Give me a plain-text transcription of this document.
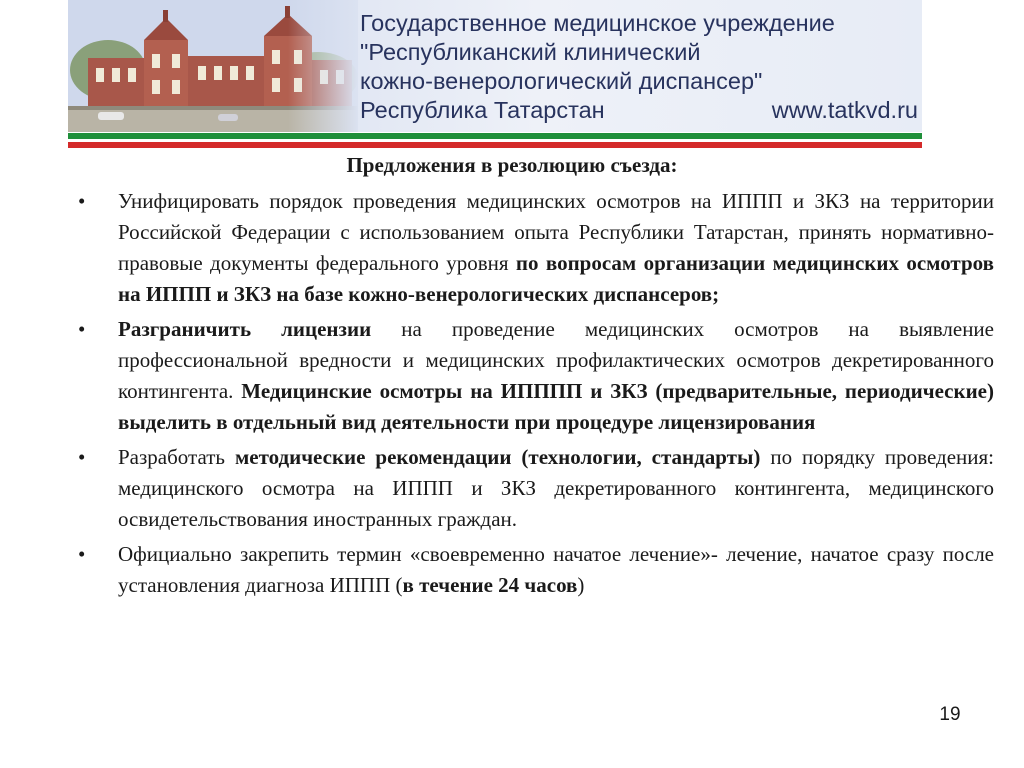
Государственное медицинское учреждение
"Республиканский клинический
кожно-венерологический диспансер"
Республика Татарстан	www.tatkvd.ru
Предложения в резолюцию съезда:
•	Унифицировать порядок проведения медицинских осмотров на ИППП и ЗКЗ на территории Российской Федерации с использованием опыта Республики Татарстан, принять нормативно-правовые документы федерального уровня по вопросам организации медицинских осмотров на ИППП и ЗКЗ на базе кожно-венерологических диспансеров;
•	Разграничить лицензии на проведение медицинских осмотров на выявление профессиональной вредности и медицинских профилактических осмотров декретированного контингента. Медицинские осмотры на ИПППП и ЗКЗ (предварительные, периодические) выделить в отдельный вид деятельности при процедуре лицензирования
•	Разработать методические рекомендации (технологии, стандарты) по порядку проведения: медицинского осмотра на ИППП и ЗКЗ декретированного контингента, медицинского освидетельствования иностранных граждан.
•	Официально закрепить термин «своевременно начатое лечение»- лечение, начатое сразу после установления диагноза ИППП (в течение 24 часов)
19
